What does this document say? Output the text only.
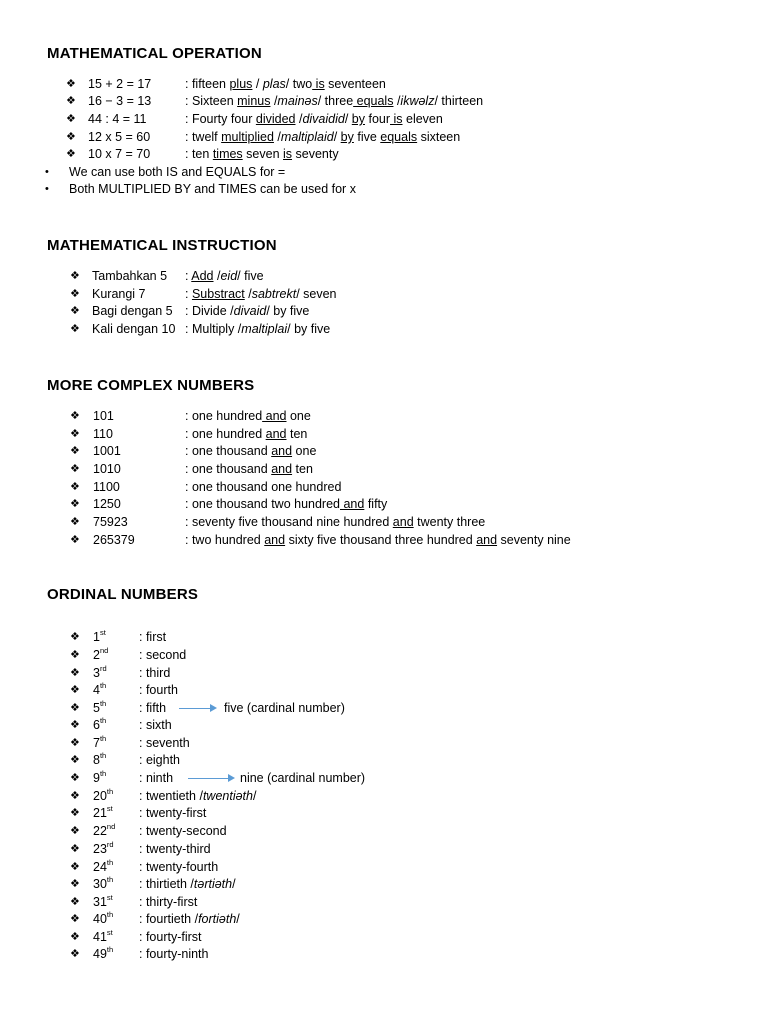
MATHEMATICAL OPERATION
❖ 15 + 2 = 17	: fifteen plus / plas/ two is seventeen
❖ 16 − 3 = 13	: Sixteen minus /mainəs/ three equals /ikwəlz/ thirteen
❖ 44 : 4 = 11	: Fourty four divided /divaidid/ by four is eleven
❖ 12 x 5 = 60	: twelf multiplied /maltiplaid/ by five equals sixteen
❖ 10 x 7 = 70	: ten times seven is seventy
• We can use both IS and EQUALS for =
• Both MULTIPLIED BY and TIMES can be used for x
MATHEMATICAL INSTRUCTION
❖ Tambahkan 5 : Add /eid/ five
❖ Kurangi 7	: Substract /sabtrekt/ seven
❖ Bagi dengan 5 : Divide /divaid/ by five
❖ Kali dengan 10 : Multiply /maltiplai/ by five
MORE COMPLEX NUMBERS
❖ 101	: one hundred and one
❖ 110	: one hundred and ten
❖ 1001	: one thousand and one
❖ 1010	: one thousand and ten
❖ 1100	: one thousand one hundred
❖ 1250	: one thousand two hundred and fifty
❖ 75923	: seventy five thousand nine hundred and twenty three
❖ 265379	: two hundred and sixty five thousand three hundred and seventy nine
ORDINAL NUMBERS
❖ 1st	: first
❖ 2nd : second
❖ 3rd	: third
❖ 4th	: fourth
❖ 5th	: fifth	five (cardinal number)
❖ 6th	: sixth
❖ 7th	: seventh
❖ 8th	: eighth
❖ 9th	: ninth	nine (cardinal number)
❖ 20th : twentieth /twentiəth/
❖ 21st : twenty-first
❖ 22nd : twenty-second
❖ 23rd : twenty-third
❖ 24th : twenty-fourth
❖ 30th : thirtieth /tərtiəth/
❖ 31st : thirty-first
❖ 40th : fourtieth /fortiəth/
❖ 41st : fourty-first
❖ 49th : fourty-ninth
